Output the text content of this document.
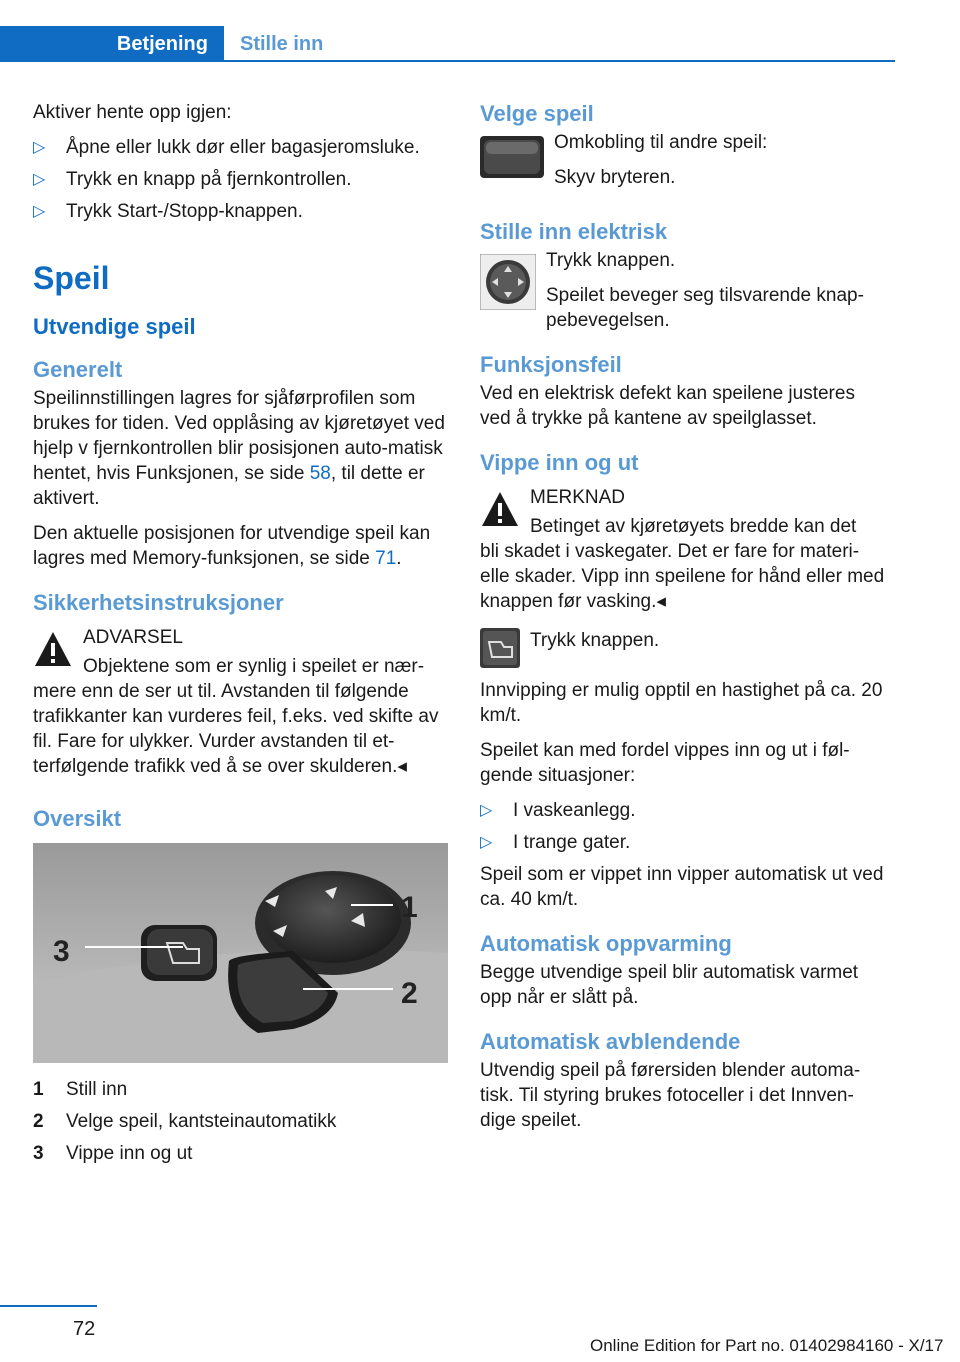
Betjening	Stille inn

Aktiver hente opp igjen:

▷ Åpne eller lukk dør eller bagasjeromsluke.
▷ Trykk en knapp på fjernkontrollen.
▷ Trykk Start-/Stopp-knappen.
Speil
Utvendige speil
Generelt

Speilinnstillingen lagres for sjåførprofilen som brukes for tiden. Ved opplåsing av kjøretøyet ved hjelp v fjernkontrollen blir posisjonen auto-matisk hentet, hvis Funksjonen, se side 58, til dette er aktivert.

Den aktuelle posisjonen for utvendige speil kan lagres med Memory-funksjonen, se side 71.

Sikkerhetsinstruksjoner

ADVARSEL

Objektene som er synlig i speilet er nær-

mere enn de ser ut til. Avstanden til følgende trafikkanter kan vurderes feil, f.eks. ved skifte av fil. Fare for ulykker. Vurder avstanden til et-terfølgende trafikk ved å se over skulderen.◂

Oversikt
3
1
2
1 Still inn
2 Velge speil, kantsteinautomatikk
3 Vippe inn og ut
Velge speil

Omkobling til andre speil:

Skyv bryteren.

Stille inn elektrisk

Trykk knappen.

Speilet beveger seg tilsvarende knap-pebevegelsen.

Funksjonsfeil

Ved en elektrisk defekt kan speilene justeres ved å trykke på kantene av speilglasset.

Vippe inn og ut

MERKNAD

Betinget av kjøretøyets bredde kan det

bli skadet i vaskegater. Det er fare for materi-elle skader. Vipp inn speilene for hånd eller med knappen før vasking.◂

Trykk knappen.

Innvipping er mulig opptil en hastighet på ca. 20 km/t.

Speilet kan med fordel vippes inn og ut i føl-gende situasjoner:

▷ I vaskeanlegg.
▷ I trange gater.

Speil som er vippet inn vipper automatisk ut ved ca. 40 km/t.

Automatisk oppvarming

Begge utvendige speil blir automatisk varmet opp når er slått på.

Automatisk avblendende

Utvendig speil på førersiden blender automa-tisk. Til styring brukes fotoceller i det Innven-dige speilet.

72
Online Edition for Part no. 01402984160 - X/17
